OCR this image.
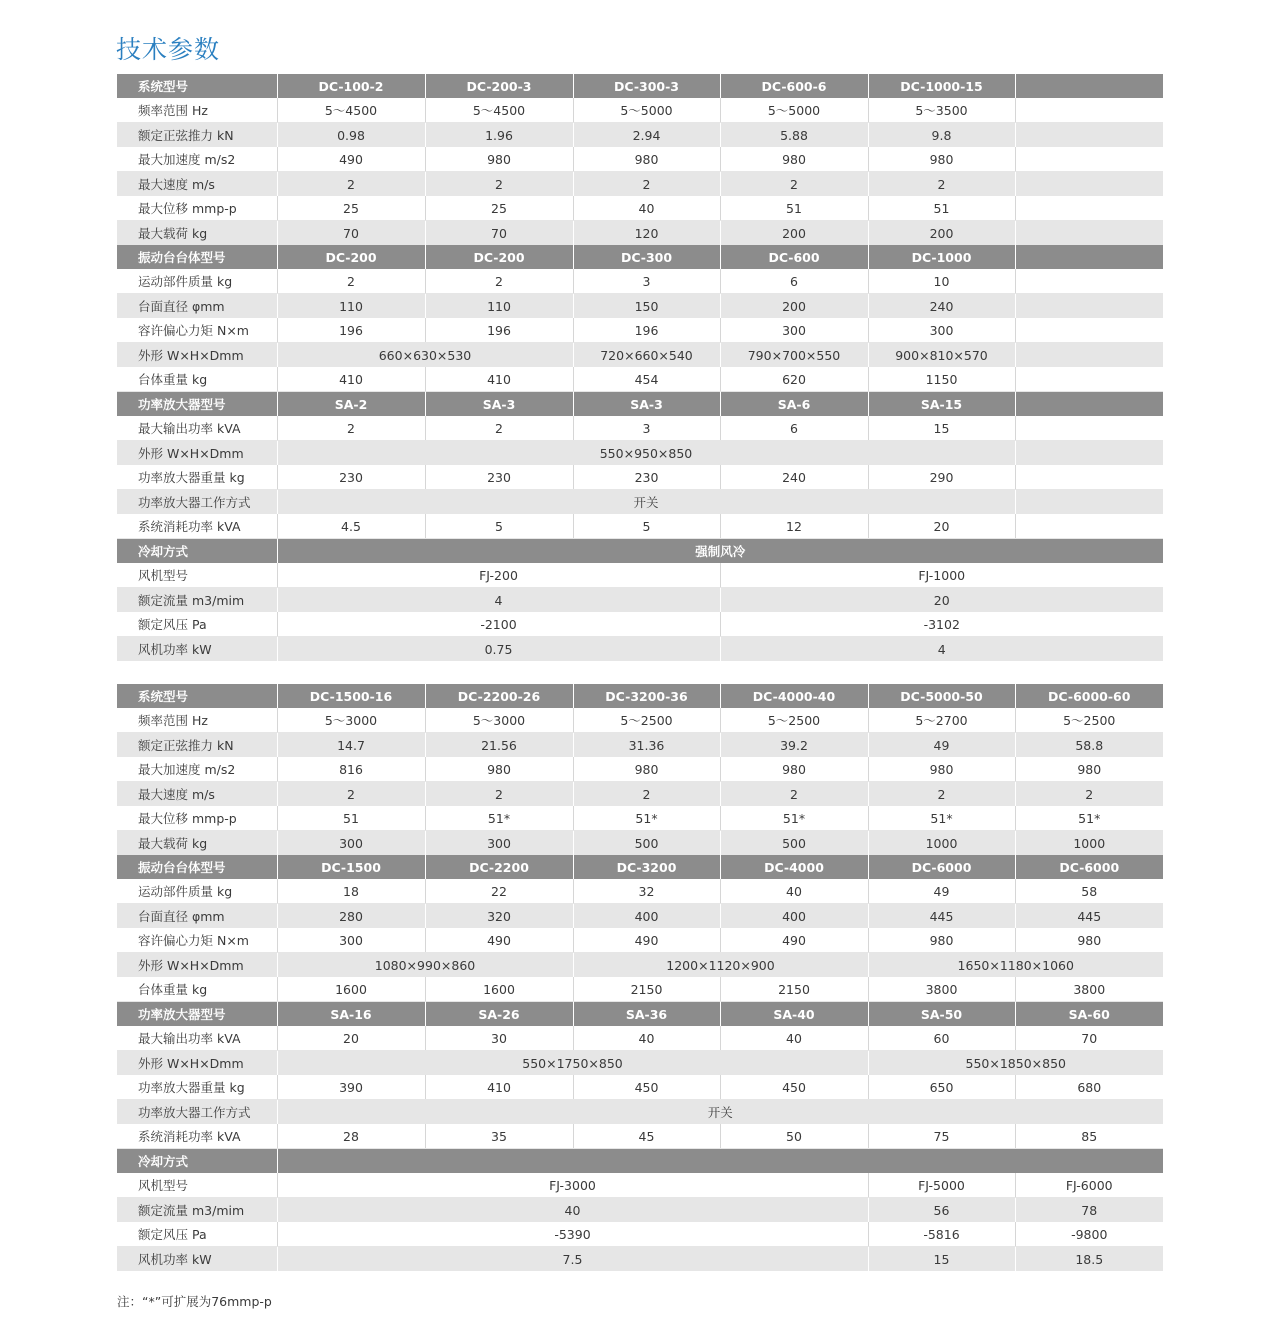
技术参数
系统型号	DC-100-2	DC-200-3	DC-300-3	DC-600-6	DC-1000-15	
频率范围 Hz	5～4500	5～4500	5～5000	5～5000	5～3500	
额定正弦推力 kN	0.98	1.96	2.94	5.88	9.8	
最大加速度 m/s2	490	980	980	980	980	
最大速度 m/s	2	2	2	2	2	
最大位移 mmp-p	25	25	40	51	51	
最大载荷 kg	70	70	120	200	200	
振动台台体型号	DC-200	DC-200	DC-300	DC-600	DC-1000	
运动部件质量 kg	2	2	3	6	10	
台面直径 φmm	110	110	150	200	240	
容许偏心力矩 N×m	196	196	196	300	300	
外形 W×H×Dmm	660×630×530		720×660×540	790×700×550	900×810×570	
台体重量 kg	410	410	454	620	1150	
功率放大器型号	SA-2	SA-3	SA-3	SA-6	SA-15	
最大输出功率 kVA	2	2	3	6	15	
外形 W×H×Dmm	550×950×850					
功率放大器重量 kg	230	230	230	240	290	
功率放大器工作方式	开关					
系统消耗功率 kVA	4.5	5	5	12	20	
冷却方式	强制风冷					
风机型号	FJ-200			FJ-1000		
额定流量 m3/mim	4			20		
额定风压 Pa	-2100			-3102		
风机功率 kW	0.75			4		
系统型号	DC-1500-16	DC-2200-26	DC-3200-36	DC-4000-40	DC-5000-50	DC-6000-60
频率范围 Hz	5～3000	5～3000	5～2500	5～2500	5～2700	5～2500
额定正弦推力 kN	14.7	21.56	31.36	39.2	49	58.8
最大加速度 m/s2	816	980	980	980	980	980
最大速度 m/s	2	2	2	2	2	2
最大位移 mmp-p	51	51*	51*	51*	51*	51*
最大载荷 kg	300	300	500	500	1000	1000
振动台台体型号	DC-1500	DC-2200	DC-3200	DC-4000	DC-6000	DC-6000
运动部件质量 kg	18	22	32	40	49	58
台面直径 φmm	280	320	400	400	445	445
容许偏心力矩 N×m	300	490	490	490	980	980
外形 W×H×Dmm	1080×990×860		1200×1120×900		1650×1180×1060	
台体重量 kg	1600	1600	2150	2150	3800	3800
功率放大器型号	SA-16	SA-26	SA-36	SA-40	SA-50	SA-60
最大输出功率 kVA	20	30	40	40	60	70
外形 W×H×Dmm	550×1750×850				550×1850×850	
功率放大器重量 kg	390	410	450	450	650	680
功率放大器工作方式	开关					
系统消耗功率 kVA	28	35	45	50	75	85
冷却方式						
风机型号	FJ-3000				FJ-5000	FJ-6000
额定流量 m3/mim	40				56	78
额定风压 Pa	-5390				-5816	-9800
风机功率 kW	7.5				15	18.5
注：“*”可扩展为76mmp-p
